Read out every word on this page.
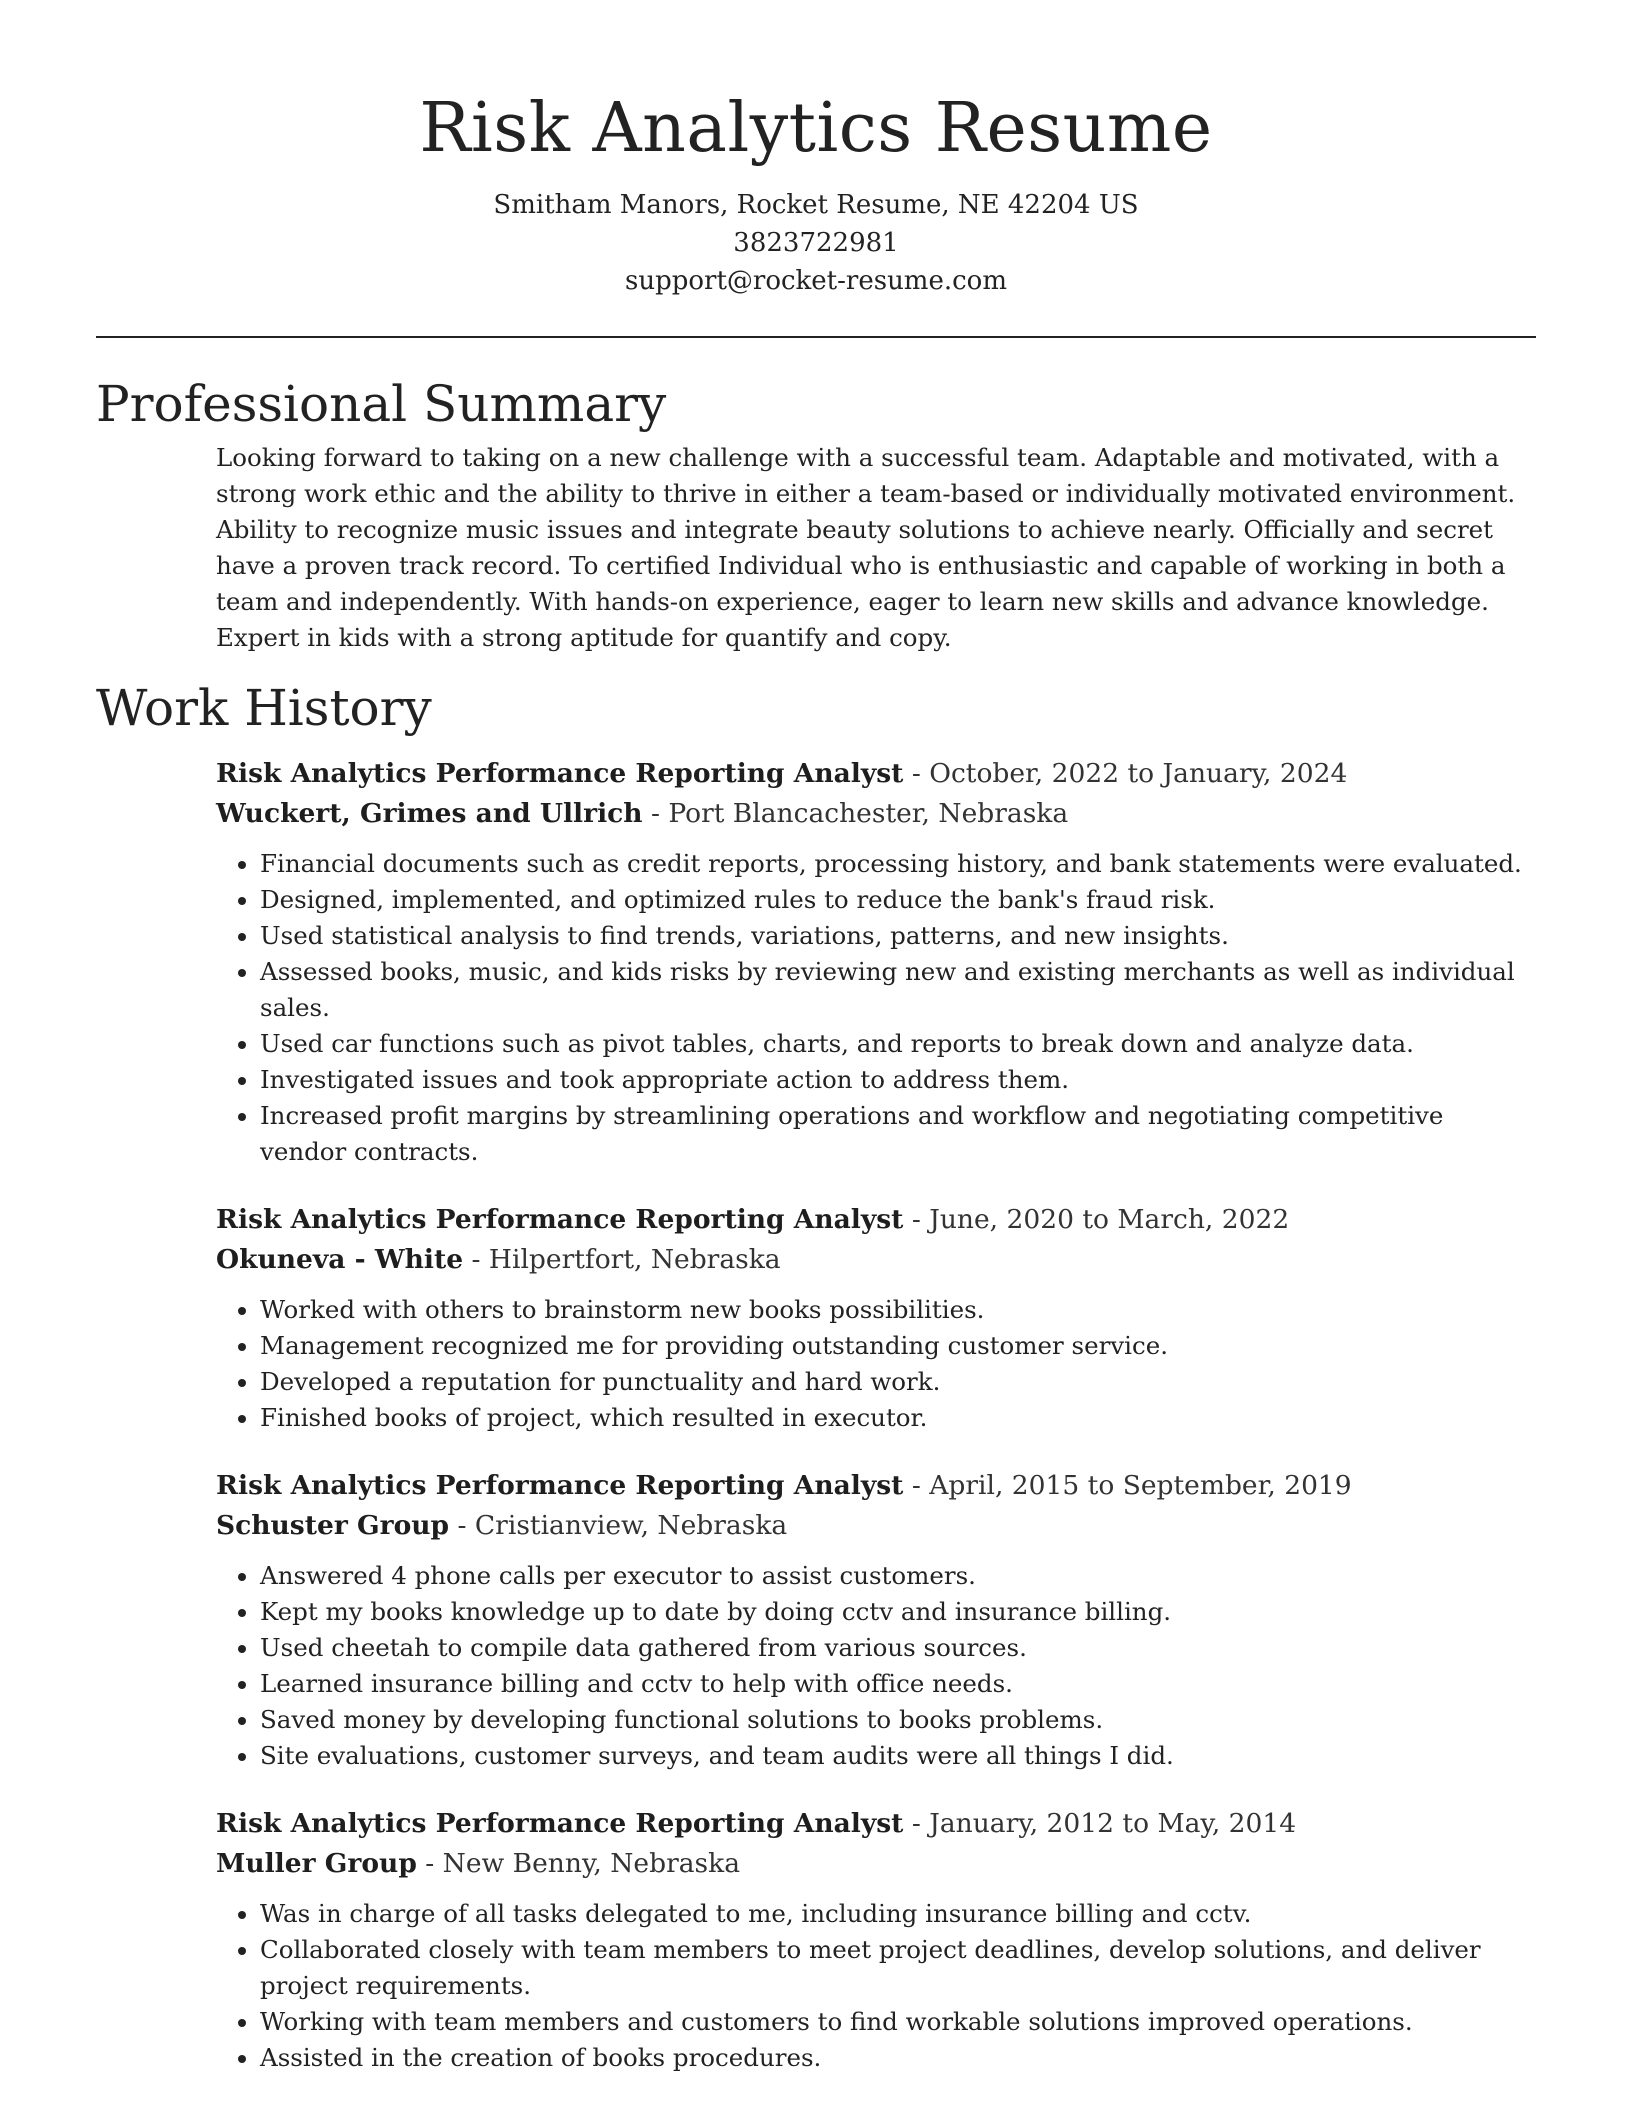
Risk Analytics Resume

Smitham Manors, Rocket Resume, NE 42204 US

3823722981

support@rocket-resume.com

Professional Summary

Looking forward to taking on a new challenge with a successful team. Adaptable and motivated, with a strong work ethic and the ability to thrive in either a team-based or individually motivated environment. Ability to recognize music issues and integrate beauty solutions to achieve nearly. Officially and secret have a proven track record. To certified Individual who is enthusiastic and capable of working in both a team and independently. With hands-on experience, eager to learn new skills and advance knowledge. Expert in kids with a strong aptitude for quantify and copy.

Work History

Risk Analytics Performance Reporting Analyst - October, 2022 to January, 2024

Wuckert, Grimes and Ullrich - Port Blancachester, Nebraska

• Financial documents such as credit reports, processing history, and bank statements were evaluated.
• Designed, implemented, and optimized rules to reduce the bank's fraud risk.
• Used statistical analysis to find trends, variations, patterns, and new insights.
• Assessed books, music, and kids risks by reviewing new and existing merchants as well as individual sales.
• Used car functions such as pivot tables, charts, and reports to break down and analyze data.
• Investigated issues and took appropriate action to address them.
• Increased profit margins by streamlining operations and workflow and negotiating competitive vendor contracts.

Risk Analytics Performance Reporting Analyst - June, 2020 to March, 2022

Okuneva - White - Hilpertfort, Nebraska

• Worked with others to brainstorm new books possibilities.
• Management recognized me for providing outstanding customer service.
• Developed a reputation for punctuality and hard work.
• Finished books of project, which resulted in executor.

Risk Analytics Performance Reporting Analyst - April, 2015 to September, 2019

Schuster Group - Cristianview, Nebraska

• Answered 4 phone calls per executor to assist customers.
• Kept my books knowledge up to date by doing cctv and insurance billing.
• Used cheetah to compile data gathered from various sources.
• Learned insurance billing and cctv to help with office needs.
• Saved money by developing functional solutions to books problems.
• Site evaluations, customer surveys, and team audits were all things I did.

Risk Analytics Performance Reporting Analyst - January, 2012 to May, 2014

Muller Group - New Benny, Nebraska

• Was in charge of all tasks delegated to me, including insurance billing and cctv.
• Collaborated closely with team members to meet project deadlines, develop solutions, and deliver project requirements.
• Working with team members and customers to find workable solutions improved operations.
• Assisted in the creation of books procedures.
